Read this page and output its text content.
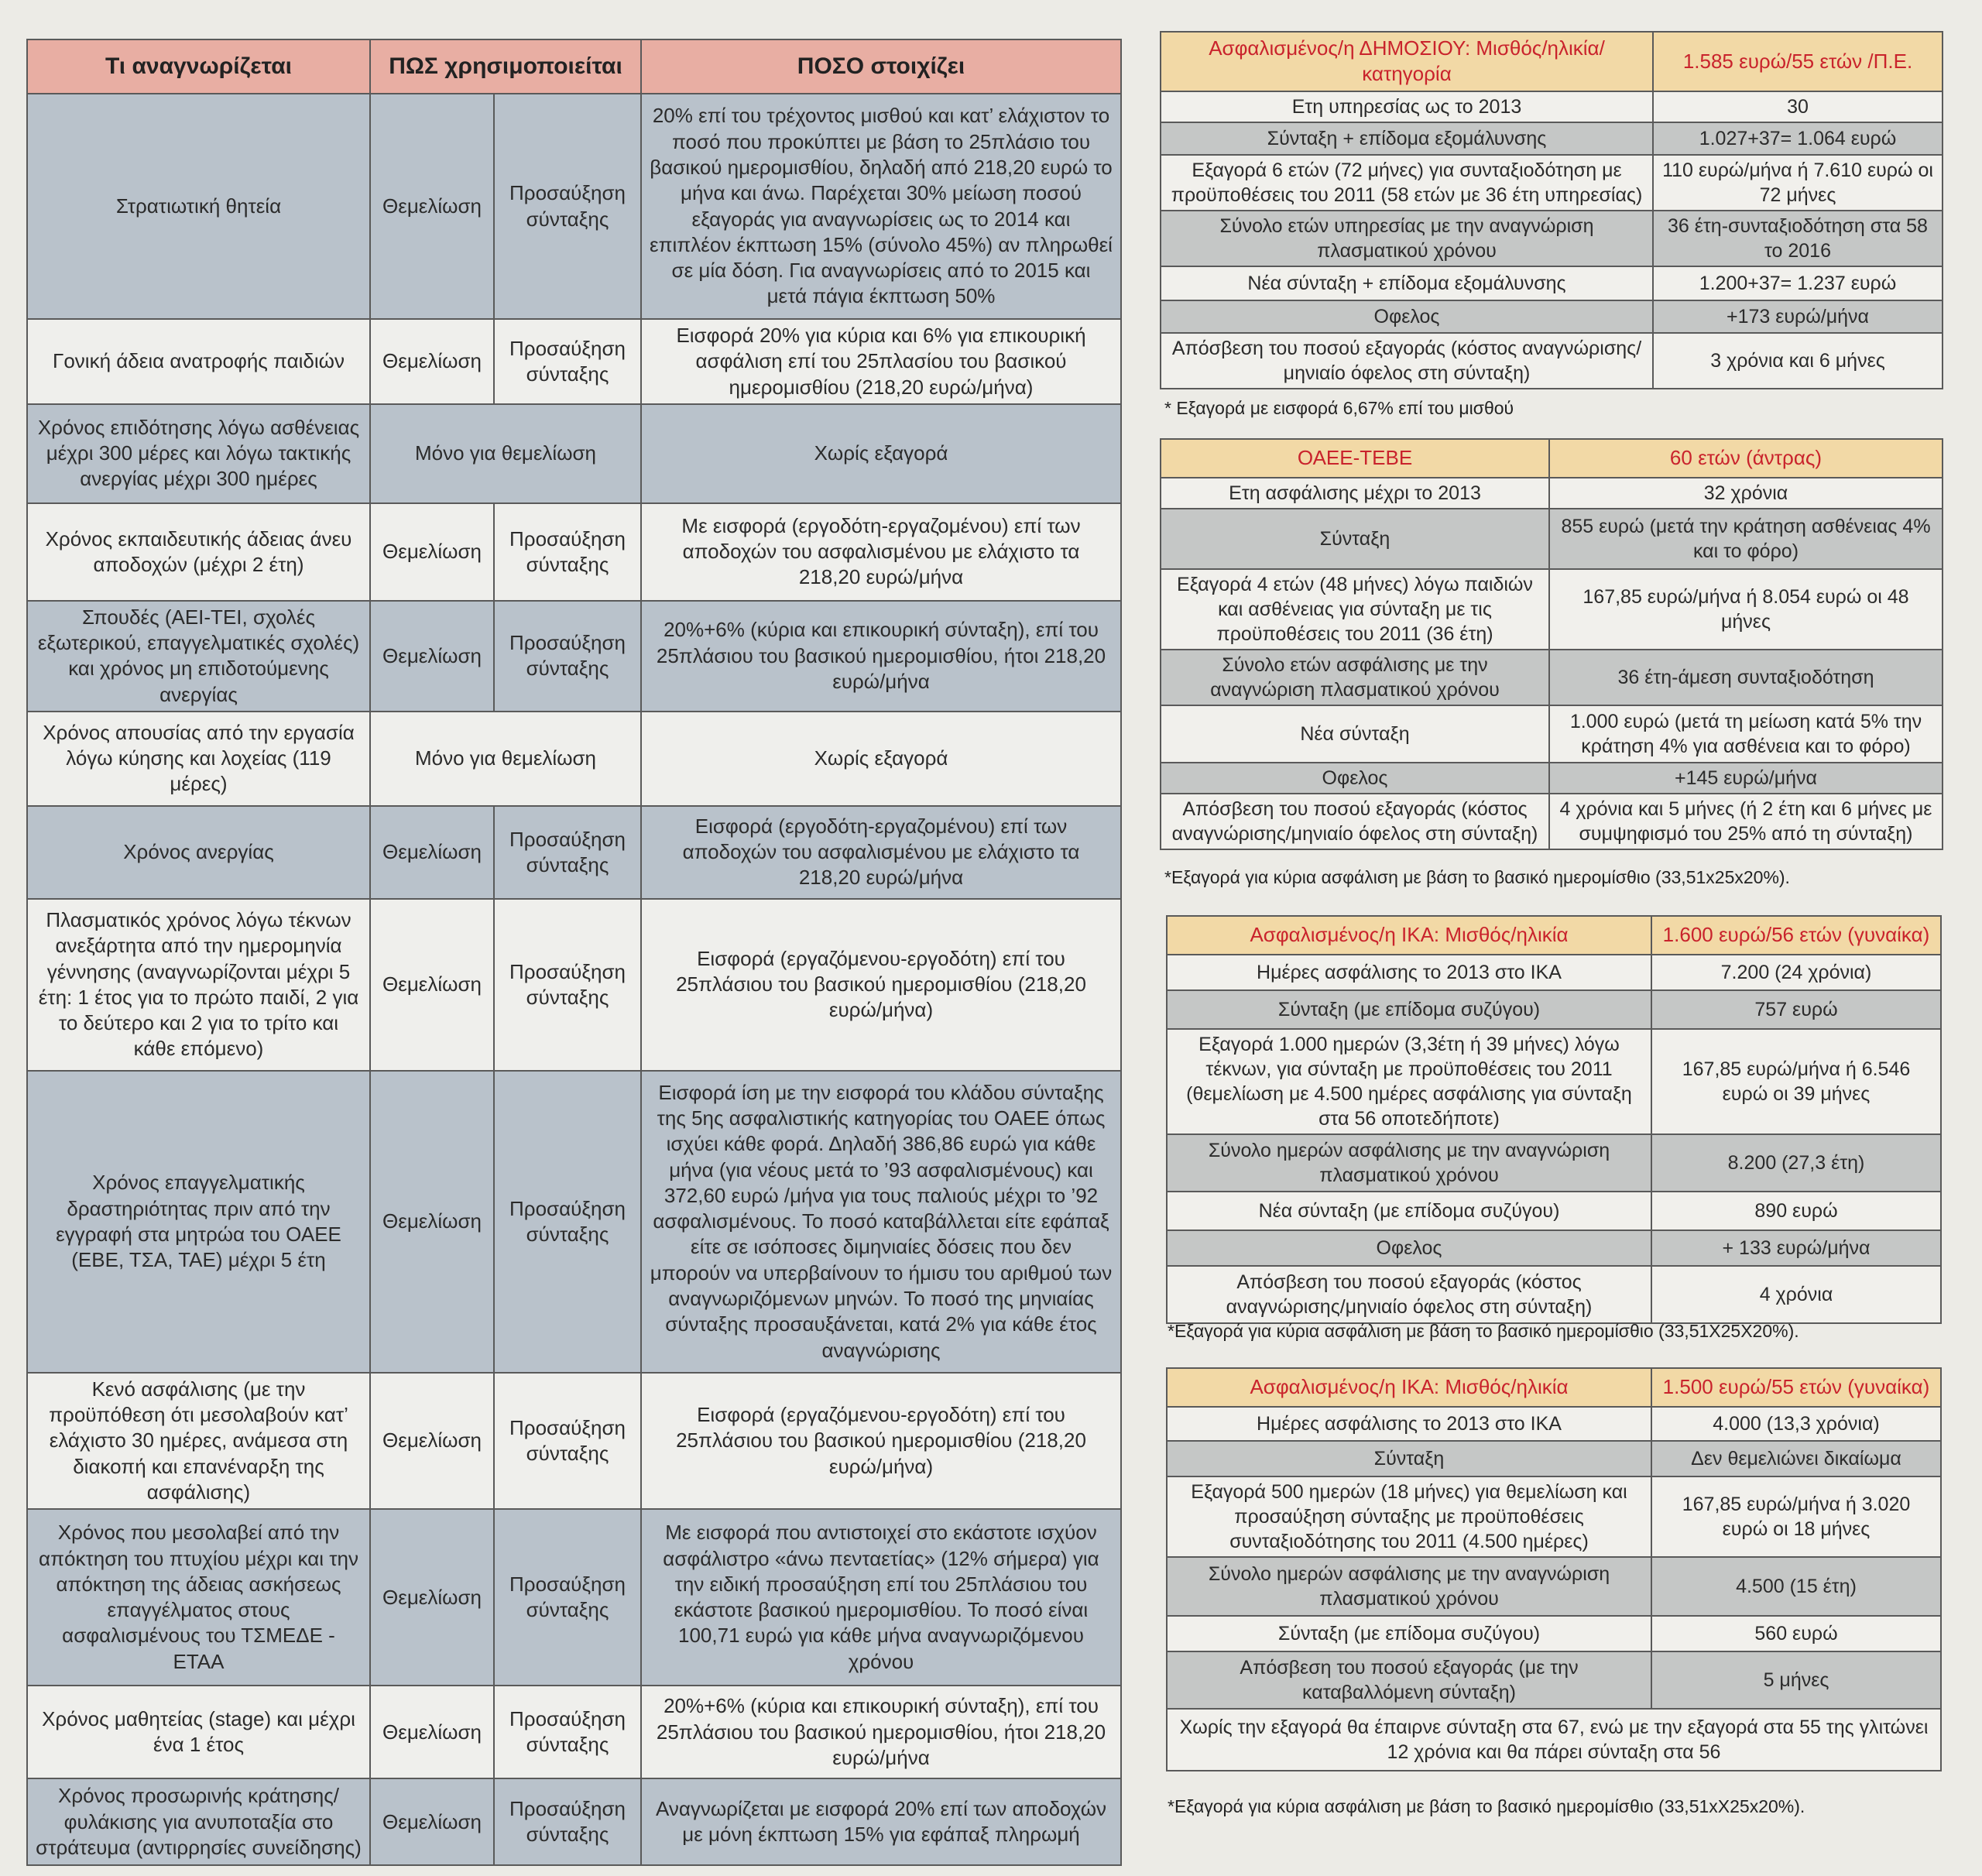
Τι αναγνωρίζεται	ΠΩΣ χρησιμοποιείται		ΠΟΣΟ στοιχίζει
Στρατιωτική θητεία	Θεμελίωση	Προσαύξηση σύνταξης	20% επί του τρέχοντος μισθού και κατ’ ελάχιστον το ποσό που προκύπτει με βάση το 25πλάσιο του βασικού ημερομισθίου, δηλαδή από 218,20 ευρώ το μήνα και άνω. Παρέχεται 30% μείωση ποσού εξαγοράς για αναγνωρίσεις ως το 2014 και επιπλέον έκπτωση 15% (σύνολο 45%) αν πληρωθεί σε μία δόση. Για αναγνωρίσεις από το 2015 και μετά πάγια έκπτωση 50%
Γονική άδεια ανατροφής παιδιών	Θεμελίωση	Προσαύξηση σύνταξης	Εισφορά 20% για κύρια και 6% για επικουρική ασφάλιση επί του 25πλασίου του βασικού ημερομισθίου (218,20 ευρώ/μήνα)
Χρόνος επιδότησης λόγω ασθένειας μέχρι 300 μέρες και λόγω τακτικής ανεργίας μέχρι 300 ημέρες	Μόνο για θεμελίωση		Χωρίς εξαγορά
Χρόνος εκπαιδευτικής άδειας άνευ αποδοχών (μέχρι 2 έτη)	Θεμελίωση	Προσαύξηση σύνταξης	Με εισφορά (εργοδότη-εργαζομένου) επί των αποδοχών του ασφαλισμένου με ελάχιστο τα 218,20 ευρώ/μήνα
Σπουδές (ΑΕΙ-ΤΕΙ, σχολές εξωτερικού, επαγγελματικές σχολές) και χρόνος μη επιδοτούμενης ανεργίας	Θεμελίωση	Προσαύξηση σύνταξης	20%+6% (κύρια και επικουρική σύνταξη), επί του 25πλάσιου του βασικού ημερομισθίου, ήτοι 218,20 ευρώ/μήνα
Χρόνος απουσίας από την εργασία λόγω κύησης και λοχείας (119 μέρες)	Μόνο για θεμελίωση		Χωρίς εξαγορά
Χρόνος ανεργίας	Θεμελίωση	Προσαύξηση σύνταξης	Εισφορά (εργοδότη-εργαζομένου) επί των αποδοχών του ασφαλισμένου με ελάχιστο τα 218,20 ευρώ/μήνα
Πλασματικός χρόνος λόγω τέκνων ανεξάρτητα από την ημερομηνία γέννησης (αναγνωρίζονται μέχρι 5 έτη: 1 έτος για το πρώτο παιδί, 2 για το δεύτερο και 2 για το τρίτο και κάθε επόμενο)	Θεμελίωση	Προσαύξηση σύνταξης	Εισφορά (εργαζόμενου-εργοδότη) επί του 25πλάσιου του βασικού ημερομισθίου (218,20 ευρώ/μήνα)
Χρόνος επαγγελματικής δραστηριότητας πριν από την εγγραφή στα μητρώα του ΟΑΕΕ (ΕΒΕ, ΤΣΑ, ΤΑΕ) μέχρι 5 έτη	Θεμελίωση	Προσαύξηση σύνταξης	Εισφορά ίση με την εισφορά του κλάδου σύνταξης της 5ης ασφαλιστικής κατηγορίας του ΟΑΕΕ όπως ισχύει κάθε φορά. Δηλαδή 386,86 ευρώ για κάθε μήνα (για νέους μετά το ’93 ασφαλισμένους) και 372,60 ευρώ /μήνα για τους παλιούς μέχρι το ’92 ασφαλισμένους. Το ποσό καταβάλλεται είτε εφάπαξ είτε σε ισόποσες διμηνιαίες δόσεις που δεν μπορούν να υπερβαίνουν το ήμισυ του αριθμού των αναγνωριζόμενων μηνών. Το ποσό της μηνιαίας σύνταξης προσαυξάνεται, κατά 2% για κάθε έτος αναγνώρισης
Κενό ασφάλισης (με την προϋπόθεση ότι μεσολαβούν κατ’ ελάχιστο 30 ημέρες, ανάμεσα στη διακοπή και επανέναρξη της ασφάλισης)	Θεμελίωση	Προσαύξηση σύνταξης	Εισφορά (εργαζόμενου-εργοδότη) επί του 25πλάσιου του βασικού ημερομισθίου (218,20 ευρώ/μήνα)
Χρόνος που μεσολαβεί από την απόκτηση του πτυχίου μέχρι και την απόκτηση της άδειας ασκήσεως επαγγέλματος στους ασφαλισμένους του ΤΣΜΕΔΕ - ΕΤΑΑ	Θεμελίωση	Προσαύξηση σύνταξης	Με εισφορά που αντιστοιχεί στο εκάστοτε ισχύον ασφάλιστρο «άνω πενταετίας» (12% σήμερα) για την ειδική προσαύξηση επί του 25πλάσιου του εκάστοτε βασικού ημερομισθίου. Το ποσό είναι 100,71 ευρώ για κάθε μήνα αναγνωριζόμενου χρόνου
Χρόνος μαθητείας (stage) και μέχρι ένα 1 έτος	Θεμελίωση	Προσαύξηση σύνταξης	20%+6% (κύρια και επικουρική σύνταξη), επί του 25πλάσιου του βασικού ημερομισθίου, ήτοι 218,20 ευρώ/μήνα
Χρόνος προσωρινής κράτησης/ φυλάκισης για ανυποταξία στο στράτευμα (αντιρρησίες συνείδησης)	Θεμελίωση	Προσαύξηση σύνταξης	Αναγνωρίζεται με εισφορά 20% επί των αποδοχών με μόνη έκπτωση 15% για εφάπαξ πληρωμή
Ασφαλισμένος/η ΔΗΜΟΣΙΟΥ: Μισθός/ηλικία/κατηγορία	1.585 ευρώ/55 ετών /Π.Ε.
Ετη υπηρεσίας ως το 2013	30
Σύνταξη + επίδομα εξομάλυνσης	1.027+37= 1.064 ευρώ
Εξαγορά 6 ετών (72 μήνες) για συνταξιοδότηση με προϋποθέσεις του 2011 (58 ετών με 36 έτη υπηρεσίας)	110 ευρώ/μήνα ή 7.610 ευρώ οι 72 μήνες
Σύνολο ετών υπηρεσίας με την αναγνώριση πλασματικού χρόνου	36 έτη-συνταξιοδότηση στα 58 το 2016
Νέα σύνταξη + επίδομα εξομάλυνσης	1.200+37= 1.237 ευρώ
Οφελος	+173 ευρώ/μήνα
Απόσβεση του ποσού εξαγοράς (κόστος αναγνώρισης/ μηνιαίο όφελος στη σύνταξη)	3 χρόνια και 6 μήνες
* Εξαγορά με εισφορά 6,67% επί του μισθού
ΟΑΕΕ-ΤΕΒΕ	60 ετών (άντρας)
Ετη ασφάλισης μέχρι το 2013	32 χρόνια
Σύνταξη	855 ευρώ (μετά την κράτηση ασθένειας 4% και το φόρο)
Εξαγορά 4 ετών (48 μήνες) λόγω παιδιών και ασθένειας για σύνταξη με τις προϋποθέσεις του 2011 (36 έτη)	167,85 ευρώ/μήνα ή 8.054 ευρώ οι 48 μήνες
Σύνολο ετών ασφάλισης με την αναγνώριση πλασματικού χρόνου	36 έτη-άμεση συνταξιοδότηση
Νέα σύνταξη	1.000 ευρώ (μετά τη μείωση κατά 5% την κράτηση 4% για ασθένεια και το φόρο)
Οφελος	+145 ευρώ/μήνα
Απόσβεση του ποσού εξαγοράς (κόστος αναγνώρισης/μηνιαίο όφελος στη σύνταξη)	4 χρόνια και 5 μήνες (ή 2 έτη και 6 μήνες με συμψηφισμό του 25% από τη σύνταξη)
*Εξαγορά για κύρια ασφάλιση με βάση το βασικό ημερομίσθιο (33,51x25x20%).
Ασφαλισμένος/η ΙΚΑ: Μισθός/ηλικία	1.600 ευρώ/56 ετών (γυναίκα)
Ημέρες ασφάλισης το 2013 στο ΙΚΑ	7.200 (24 χρόνια)
Σύνταξη (με επίδομα συζύγου)	757 ευρώ
Εξαγορά 1.000 ημερών (3,3έτη ή 39 μήνες) λόγω τέκνων, για σύνταξη με προϋποθέσεις του 2011 (θεμελίωση με 4.500 ημέρες ασφάλισης για σύνταξη στα 56 οποτεδήποτε)	167,85 ευρώ/μήνα ή 6.546 ευρώ οι 39 μήνες
Σύνολο ημερών ασφάλισης με την αναγνώριση πλασματικού χρόνου	8.200 (27,3 έτη)
Νέα σύνταξη (με επίδομα συζύγου)	890 ευρώ
Οφελος	+ 133 ευρώ/μήνα
Απόσβεση του ποσού εξαγοράς (κόστος αναγνώρισης/μηνιαίο όφελος στη σύνταξη)	4 χρόνια
*Εξαγορά για κύρια ασφάλιση με βάση το βασικό ημερομίσθιο (33,51X25X20%).
Ασφαλισμένος/η ΙΚΑ: Μισθός/ηλικία	1.500 ευρώ/55 ετών (γυναίκα)
Ημέρες ασφάλισης το 2013 στο ΙΚΑ	4.000 (13,3 χρόνια)
Σύνταξη	Δεν θεμελιώνει δικαίωμα
Εξαγορά 500 ημερών (18 μήνες) για θεμελίωση και προσαύξηση σύνταξης με προϋποθέσεις συνταξιοδότησης του 2011 (4.500 ημέρες)	167,85 ευρώ/μήνα ή 3.020 ευρώ οι 18 μήνες
Σύνολο ημερών ασφάλισης με την αναγνώριση πλασματικού χρόνου	4.500 (15 έτη)
Σύνταξη (με επίδομα συζύγου)	560 ευρώ
Απόσβεση του ποσού εξαγοράς (με την καταβαλλόμενη σύνταξη)	5 μήνες
Χωρίς την εξαγορά θα έπαιρνε σύνταξη στα 67, ενώ με την εξαγορά στα 55 της γλιτώνει 12 χρόνια και θα πάρει σύνταξη στα 56	
*Εξαγορά για κύρια ασφάλιση με βάση το βασικό ημερομίσθιο (33,51xX25x20%).
